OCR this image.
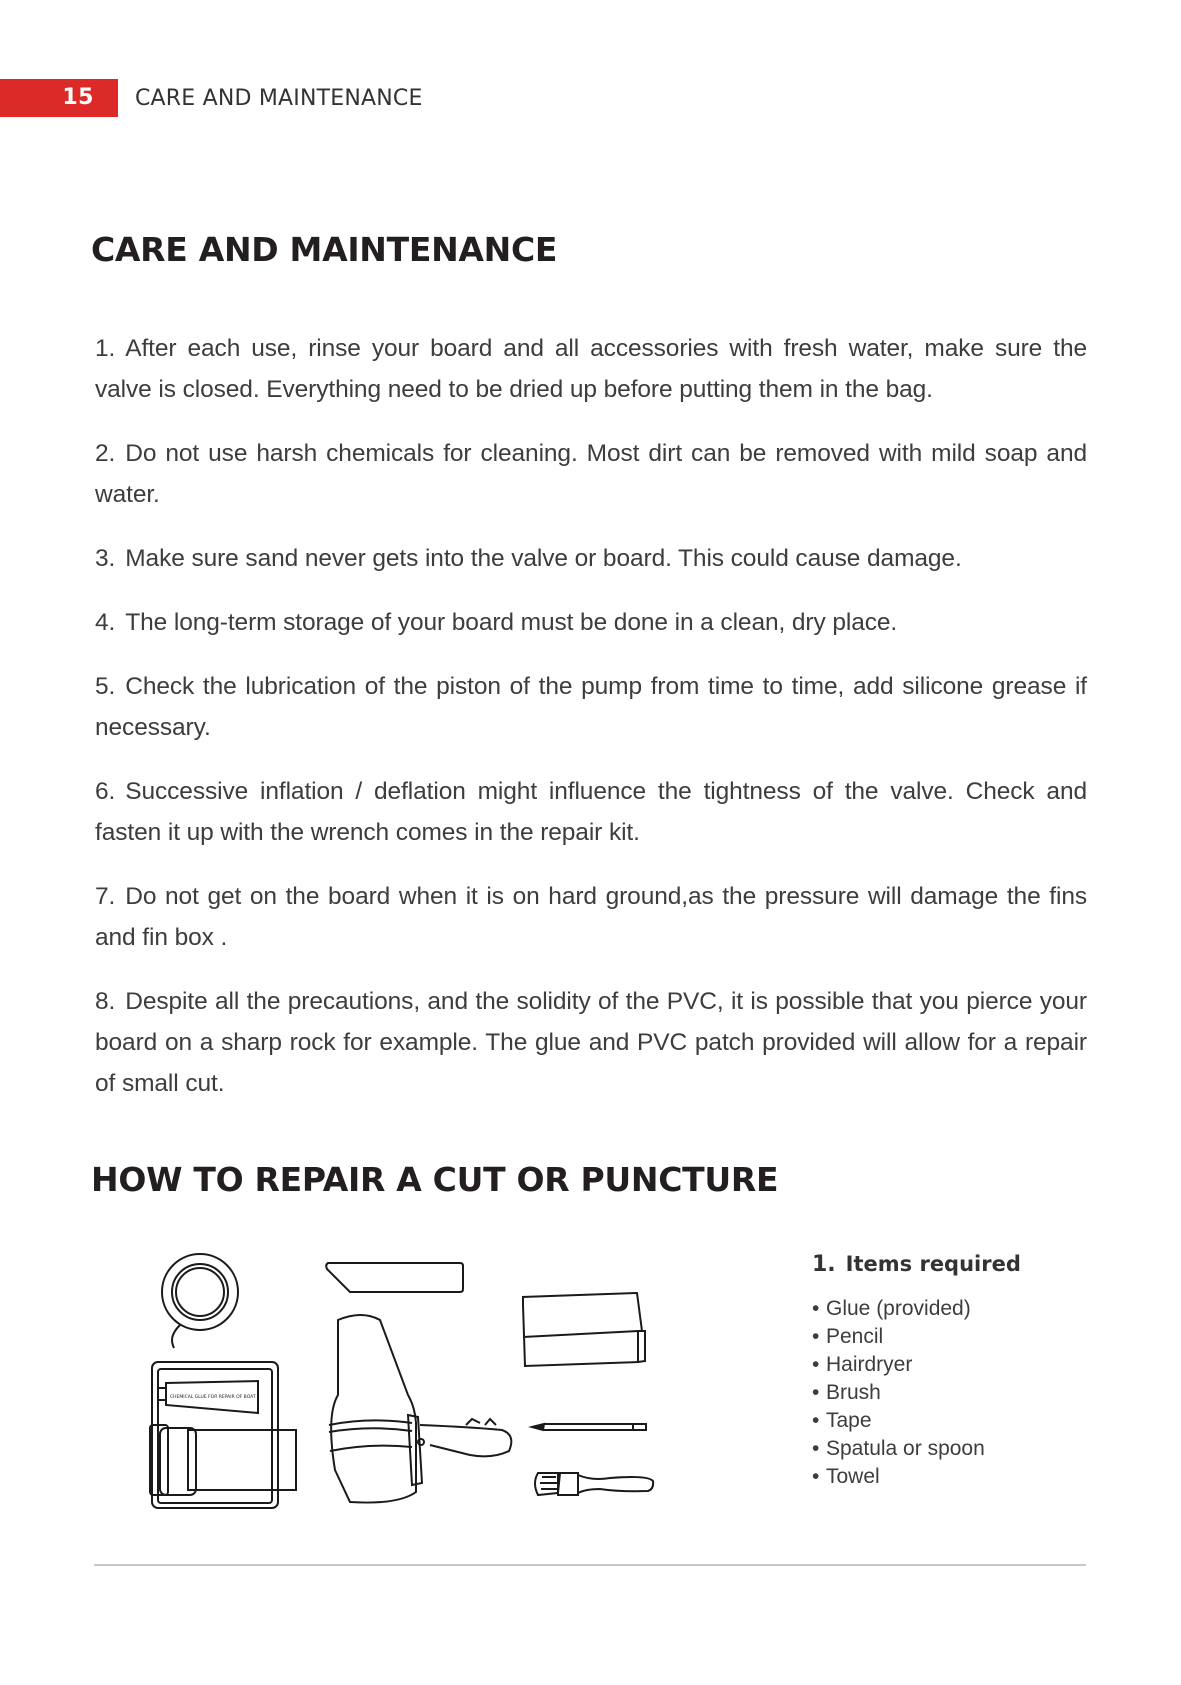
15 CARE AND MAINTENANCE
CARE AND MAINTENANCE
1. After each use, rinse your board and all accessories with fresh water, make sure the valve is closed. Everything need to be dried up before putting them in the bag.
2. Do not use harsh chemicals for cleaning. Most dirt can be removed with mild soap and water.
3. Make sure sand never gets into the valve or board. This could cause damage.
4. The long-term storage of your board must be done in a clean, dry place.
5. Check the lubrication of the piston of the pump from time to time, add silicone grease if necessary.
6. Successive inflation / deflation might influence the tightness of the valve. Check and fasten it up with the wrench comes in the repair kit.
7. Do not get on the board when it is on hard ground,as the pressure will damage the fins and fin box .
8. Despite all the precautions, and the solidity of the PVC, it is possible that you pierce your board on a sharp rock for example. The glue and PVC patch provided will allow for a repair of small cut.
HOW TO REPAIR A CUT OR PUNCTURE
CHEMICAL GLUE FOR REPAIR OF BOAT
1. Items required
• Glue (provided)
• Pencil
• Hairdryer
• Brush
• Tape
• Spatula or spoon
• Towel
